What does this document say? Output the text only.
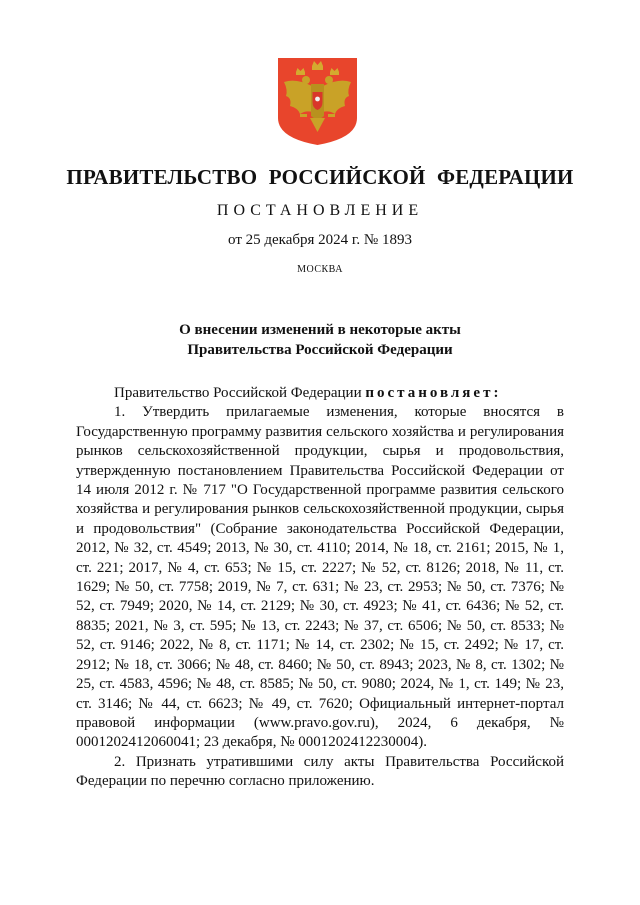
ПРАВИТЕЛЬСТВО РОССИЙСКОЙ ФЕДЕРАЦИИ
ПОСТАНОВЛЕНИЕ
от 25 декабря 2024 г. № 1893
МОСКВА
О внесении изменений в некоторые акты
Правительства Российской Федерации

Правительство Российской Федерации постановляет:

1. Утвердить прилагаемые изменения, которые вносятся в Государственную программу развития сельского хозяйства и регулирования рынков сельскохозяйственной продукции, сырья и продовольствия, утвержденную постановлением Правительства Российской Федерации от 14 июля 2012 г. № 717 "О Государственной программе развития сельского хозяйства и регулирования рынков сельскохозяйственной продукции, сырья и продовольствия" (Собрание законодательства Российской Федерации, 2012, № 32, ст. 4549; 2013, № 30, ст. 4110; 2014, № 18, ст. 2161; 2015, № 1, ст. 221; 2017, № 4, ст. 653; № 15, ст. 2227; № 52, ст. 8126; 2018, № 11, ст. 1629; № 50, ст. 7758; 2019, № 7, ст. 631; № 23, ст. 2953; № 50, ст. 7376; № 52, ст. 7949; 2020, № 14, ст. 2129; № 30, ст. 4923; № 41, ст. 6436; № 52, ст. 8835; 2021, № 3, ст. 595; № 13, ст. 2243; № 37, ст. 6506; № 50, ст. 8533; № 52, ст. 9146; 2022, № 8, ст. 1171; № 14, ст. 2302; № 15, ст. 2492; № 17, ст. 2912; № 18, ст. 3066; № 48, ст. 8460; № 50, ст. 8943; 2023, № 8, ст. 1302; № 25, ст. 4583, 4596; № 48, ст. 8585; № 50, ст. 9080; 2024, № 1, ст. 149; № 23, ст. 3146; № 44, ст. 6623; № 49, ст. 7620; Официальный интернет-портал правовой информации (www.pravo.gov.ru), 2024, 6 декабря, № 0001202412060041; 23 декабря, № 0001202412230004).

2. Признать утратившими силу акты Правительства Российской Федерации по перечню согласно приложению.
